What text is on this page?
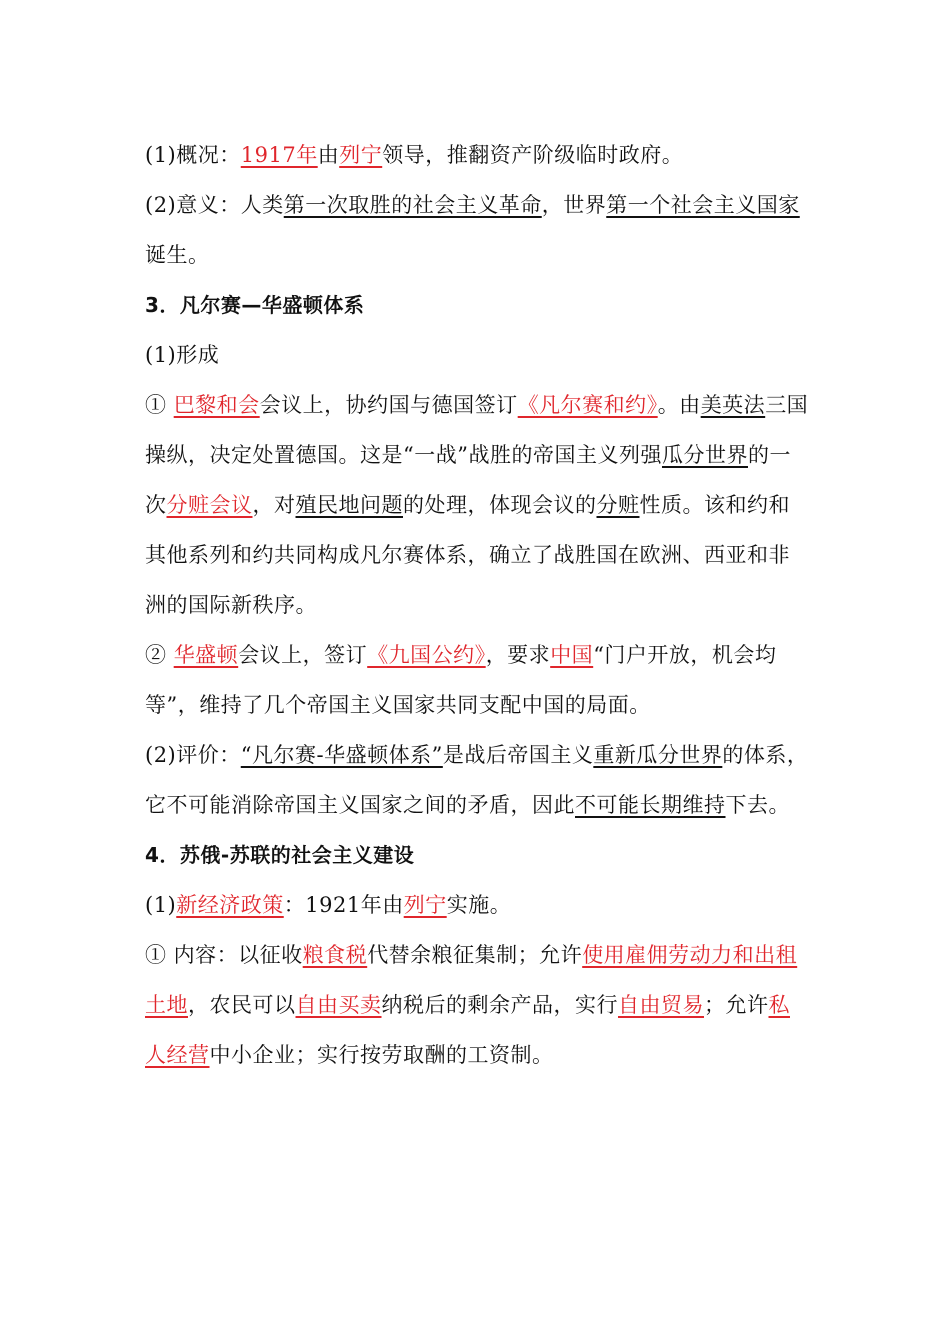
(1)概况：1917年由列宁领导，推翻资产阶级临时政府。

(2)意义：人类第一次取胜的社会主义革命，世界第一个社会主义国家诞生。

3．凡尔赛—华盛顿体系

(1)形成

① 巴黎和会会议上，协约国与德国签订《凡尔赛和约》。由美英法三国操纵，决定处置德国。这是“一战”战胜的帝国主义列强瓜分世界的一次分赃会议，对殖民地问题的处理，体现会议的分赃性质。该和约和其他系列和约共同构成凡尔赛体系，确立了战胜国在欧洲、西亚和非洲的国际新秩序。

② 华盛顿会议上，签订《九国公约》，要求中国“门户开放，机会均等”，维持了几个帝国主义国家共同支配中国的局面。

(2)评价：“凡尔赛-华盛顿体系”是战后帝国主义重新瓜分世界的体系，它不可能消除帝国主义国家之间的矛盾，因此不可能长期维持下去。

4．苏俄-苏联的社会主义建设

(1)新经济政策：1921年由列宁实施。

① 内容：以征收粮食税代替余粮征集制；允许使用雇佣劳动力和出租土地，农民可以自由买卖纳税后的剩余产品，实行自由贸易；允许私人经营中小企业；实行按劳取酬的工资制。
